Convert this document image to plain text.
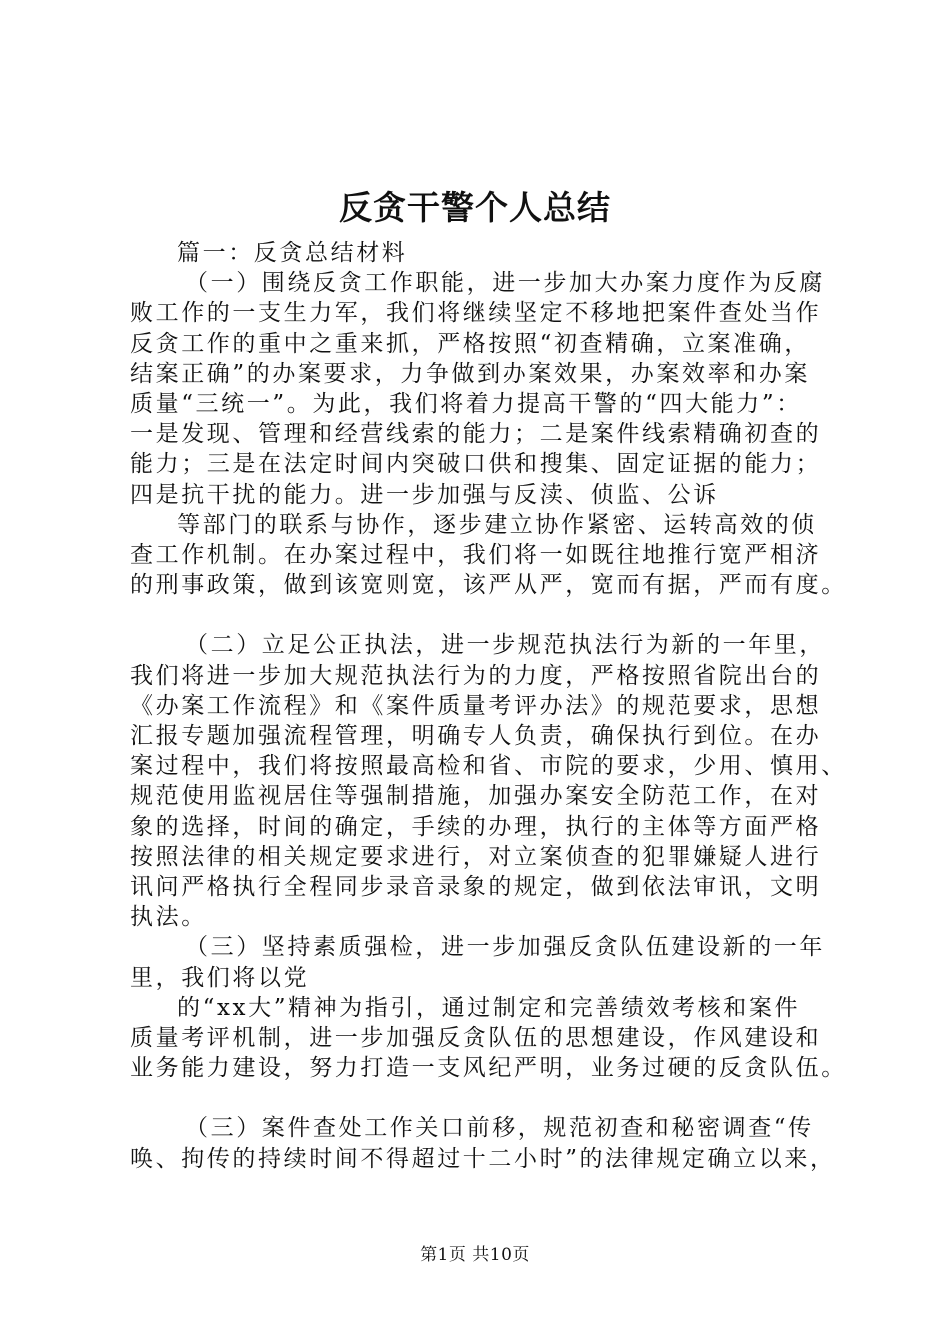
反贪干警个人总结
篇一：反贪总结材料
（一）围绕反贪工作职能，进一步加大办案力度作为反腐
败工作的一支生力军，我们将继续坚定不移地把案件查处当作
反贪工作的重中之重来抓，严格按照“初查精确，立案准确，
结案正确”的办案要求，力争做到办案效果，办案效率和办案
质量“三统一”。为此，我们将着力提高干警的“四大能力”：
一是发现、管理和经营线索的能力；二是案件线索精确初查的
能力；三是在法定时间内突破口供和搜集、固定证据的能力；
四是抗干扰的能力。进一步加强与反渎、侦监、公诉
等部门的联系与协作，逐步建立协作紧密、运转高效的侦
查工作机制。在办案过程中，我们将一如既往地推行宽严相济
的刑事政策，做到该宽则宽，该严从严，宽而有据，严而有度。
（二）立足公正执法，进一步规范执法行为新的一年里，
我们将进一步加大规范执法行为的力度，严格按照省院出台的
《办案工作流程》和《案件质量考评办法》的规范要求，思想
汇报专题加强流程管理，明确专人负责，确保执行到位。在办
案过程中，我们将按照最高检和省、市院的要求，少用、慎用、
规范使用监视居住等强制措施，加强办案安全防范工作，在对
象的选择，时间的确定，手续的办理，执行的主体等方面严格
按照法律的相关规定要求进行，对立案侦查的犯罪嫌疑人进行
讯问严格执行全程同步录音录象的规定，做到依法审讯，文明
执法。
（三）坚持素质强检，进一步加强反贪队伍建设新的一年
里，我们将以党
的“xx大”精神为指引，通过制定和完善绩效考核和案件
质量考评机制，进一步加强反贪队伍的思想建设，作风建设和
业务能力建设，努力打造一支风纪严明，业务过硬的反贪队伍。
（三）案件查处工作关口前移，规范初查和秘密调查“传
唤、拘传的持续时间不得超过十二小时”的法律规定确立以来，
第1页 共10页
